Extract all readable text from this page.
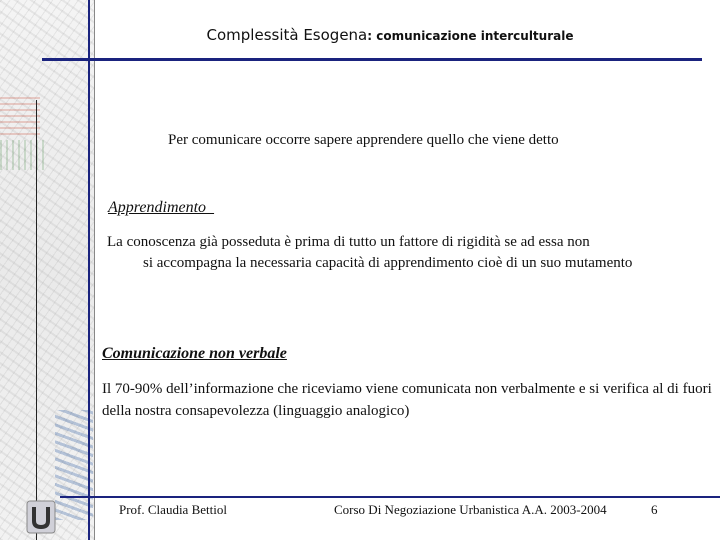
Complessità Esogena: comunicazione interculturale
Per comunicare occorre sapere apprendere quello che viene detto
Apprendimento
La conoscenza già posseduta è prima di tutto un fattore di rigidità se ad essa non
si accompagna la necessaria capacità di apprendimento cioè di un suo mutamento
Comunicazione non verbale
Il 70-90% dell’informazione che riceviamo viene comunicata non verbalmente e si verifica al di fuori della nostra consapevolezza (linguaggio analogico)
Prof. Claudia Bettiol	Corso Di Negoziazione Urbanistica A.A. 2003-2004	6
